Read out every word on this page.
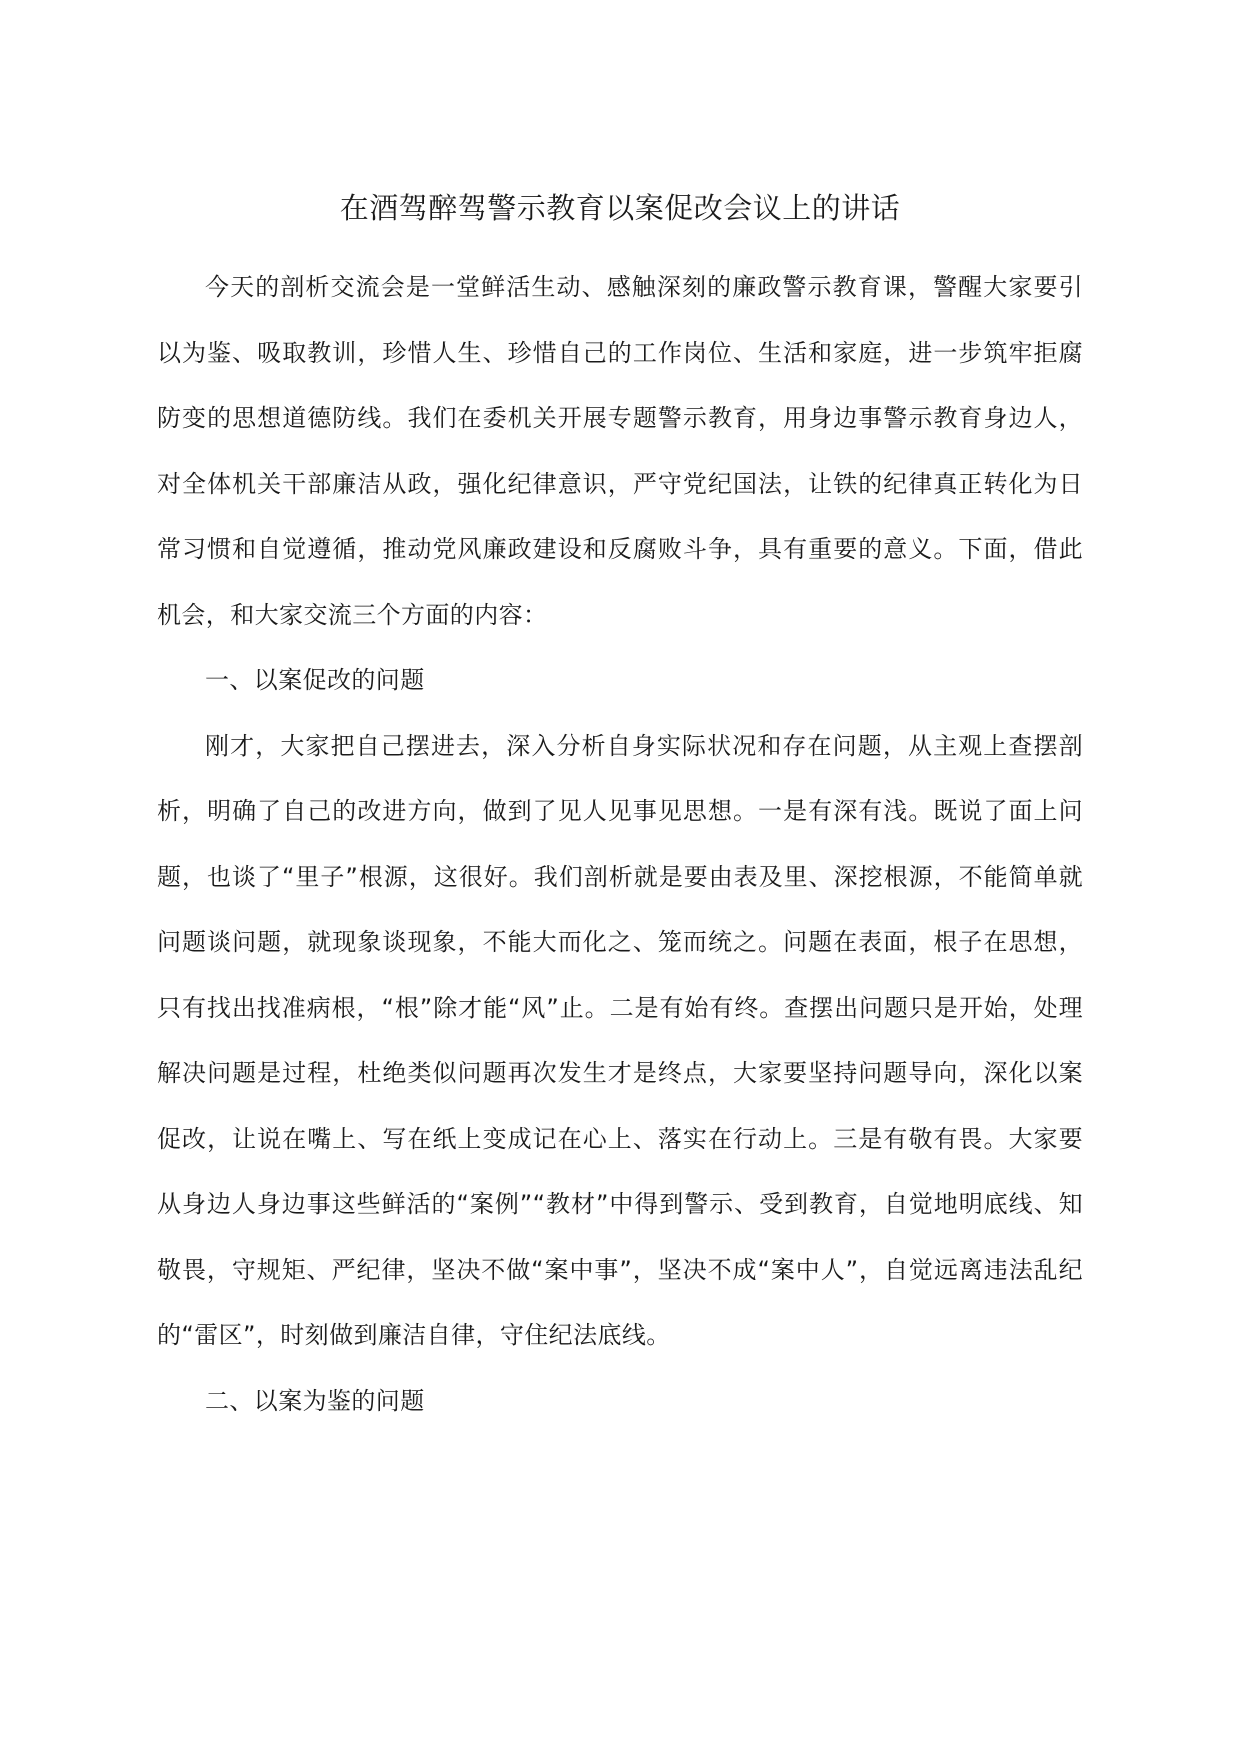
在酒驾醉驾警示教育以案促改会议上的讲话

今天的剖析交流会是一堂鲜活生动、感触深刻的廉政警示教育课，警醒大家要引以为鉴、吸取教训，珍惜人生、珍惜自己的工作岗位、生活和家庭，进一步筑牢拒腐防变的思想道德防线。我们在委机关开展专题警示教育，用身边事警示教育身边人，对全体机关干部廉洁从政，强化纪律意识，严守党纪国法，让铁的纪律真正转化为日常习惯和自觉遵循，推动党风廉政建设和反腐败斗争，具有重要的意义。下面，借此机会，和大家交流三个方面的内容：

一、以案促改的问题

刚才，大家把自己摆进去，深入分析自身实际状况和存在问题，从主观上查摆剖析，明确了自己的改进方向，做到了见人见事见思想。一是有深有浅。既说了面上问题，也谈了“里子”根源，这很好。我们剖析就是要由表及里、深挖根源，不能简单就问题谈问题，就现象谈现象，不能大而化之、笼而统之。问题在表面，根子在思想，只有找出找准病根，“根”除才能“风”止。二是有始有终。查摆出问题只是开始，处理解决问题是过程，杜绝类似问题再次发生才是终点，大家要坚持问题导向，深化以案促改，让说在嘴上、写在纸上变成记在心上、落实在行动上。三是有敬有畏。大家要从身边人身边事这些鲜活的“案例”“教材”中得到警示、受到教育，自觉地明底线、知敬畏，守规矩、严纪律，坚决不做“案中事”，坚决不成“案中人”，自觉远离违法乱纪的“雷区”，时刻做到廉洁自律，守住纪法底线。

二、以案为鉴的问题
